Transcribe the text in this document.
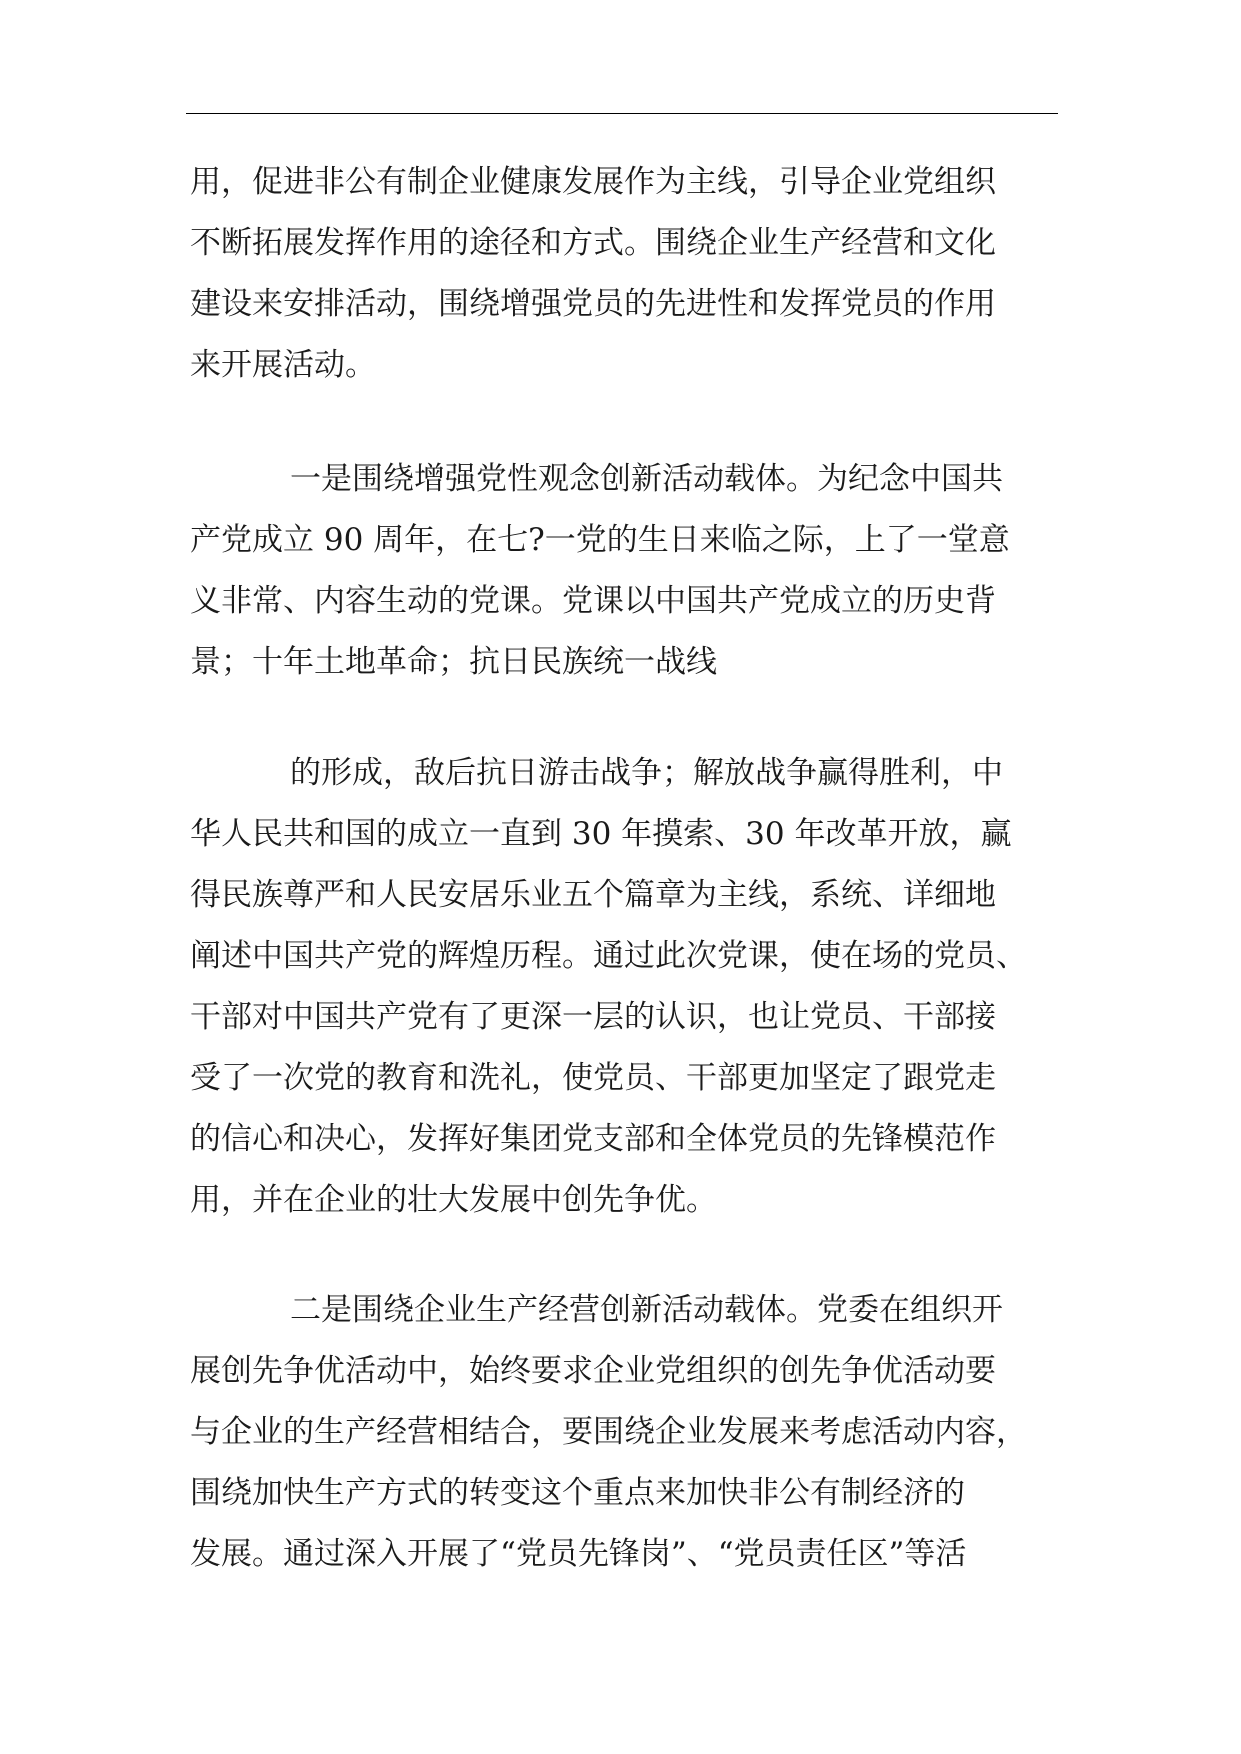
用，促进非公有制企业健康发展作为主线，引导企业党组织
不断拓展发挥作用的途径和方式。围绕企业生产经营和文化
建设来安排活动，围绕增强党员的先进性和发挥党员的作用
来开展活动。
一是围绕增强党性观念创新活动载体。为纪念中国共
产党成立 90 周年，在七?一党的生日来临之际，上了一堂意
义非常、内容生动的党课。党课以中国共产党成立的历史背
景；十年土地革命；抗日民族统一战线
的形成，敌后抗日游击战争；解放战争赢得胜利，中
华人民共和国的成立一直到 30 年摸索、30 年改革开放，赢
得民族尊严和人民安居乐业五个篇章为主线，系统、详细地
阐述中国共产党的辉煌历程。通过此次党课，使在场的党员、
干部对中国共产党有了更深一层的认识，也让党员、干部接
受了一次党的教育和洗礼，使党员、干部更加坚定了跟党走
的信心和决心，发挥好集团党支部和全体党员的先锋模范作
用，并在企业的壮大发展中创先争优。
二是围绕企业生产经营创新活动载体。党委在组织开
展创先争优活动中，始终要求企业党组织的创先争优活动要
与企业的生产经营相结合，要围绕企业发展来考虑活动内容，
围绕加快生产方式的转变这个重点来加快非公有制经济的
发展。通过深入开展了“党员先锋岗”、“党员责任区”等活
